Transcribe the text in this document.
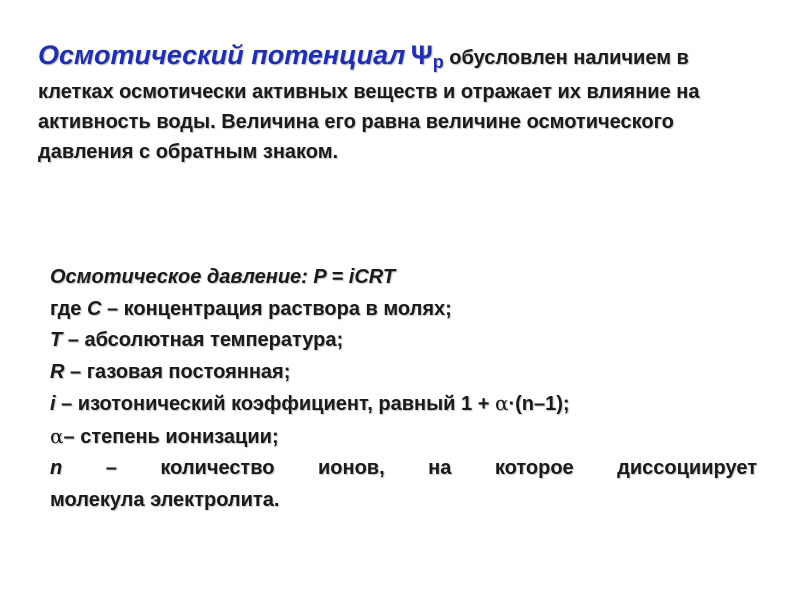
Осмотический потенциал Ψp обусловлен наличием в клетках осмотически активных веществ и отражает их влияние на активность воды. Величина его равна величине осмотического давления с обратным знаком.
Осмотическое давление: P = iCRT
где C – концентрация раствора в молях;
T – абсолютная температура;
R – газовая постоянная;
i – изотонический коэффициент, равный 1 + α·(n–1);
α– степень ионизации;
n – количество ионов, на которое диссоциирует
молекула электролита.
